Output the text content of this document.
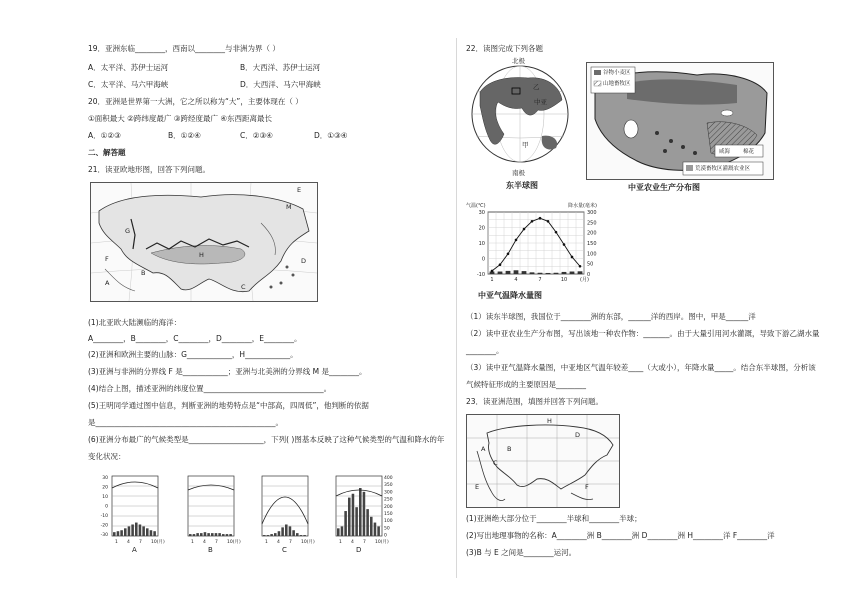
19．亚洲东临________，西南以________与非洲为界（ ）
A．太平洋、苏伊士运河	B．大西洋、苏伊士运河
C．太平洋、马六甲海峡	D．大西洋、马六甲海峡
20．亚洲是世界第一大洲，它之所以称为“大”，主要体现在（ ）
①面积最大 ②跨纬度最广 ③跨经度最广 ④东西距离最长
A．①②③	B．①②④	C．②③④	D．①③④
二、解答题
21．读亚欧地形图，回答下列问题。
E
M
G
H
F
A
B
C
D
(1)北亚欧大陆濒临的海洋：
A________，B________，C________，D________，E________。
(2)亚洲和欧洲主要的山脉：G____________，H____________。
(3)亚洲与非洲的分界线 F 是____________；亚洲与北美洲的分界线 M 是________。
(4)结合上图，描述亚洲的纬度位置________________________________。
(5)王明同学通过图中信息，判断亚洲的地势特点是“中部高，四周低”，他判断的依据
是________________________________________________。
(6)亚洲分布最广的气候类型是____________________，下列( )图基本反映了这种气候类型的气温和降水的年
变化状况：
1 4 7 10(月)
A
1 4 7 10(月)
B
1 4 7 10(月)
C
1 4 7 10(月)
D
30
20
10
0
-10
-20
-30
400
350
300
250
200
150
100
50
0
22．读图完成下列各题
北极
乙
中亚
甲
南极
东半球图
谷物小麦区
山地畜牧区
荒漠畜牧区灌溉农业区
咸海 棉花
中亚农业生产分布图
气温(℃)	降水量(毫米)
30
20
10
0
-10
300
250
200
150
100
50
0
1	4	7	10	(月)
中亚气温降水量图
（1）读东半球图，我国位于________洲的东部，______洋的西岸。图中，甲是______洋
（2）读中亚农业生产分布图，写出该地一种农作物：_______。由于大量引用河水灌溉，导致下游乙湖水量
________。
（3）读中亚气温降水量图，中亚地区气温年较差____（大或小），年降水量_____。结合东半球图，分析该
气候特征形成的主要原因是________
23．读亚洲范围，填图并回答下列问题。
H
A	B
C
D
E	F
(1)亚洲绝大部分位于________半球和________半球；
(2)写出地理事物的名称：A________洲 B________洲 D________洲 H________洋 F________洋
(3)B 与 E 之间是________运河。
